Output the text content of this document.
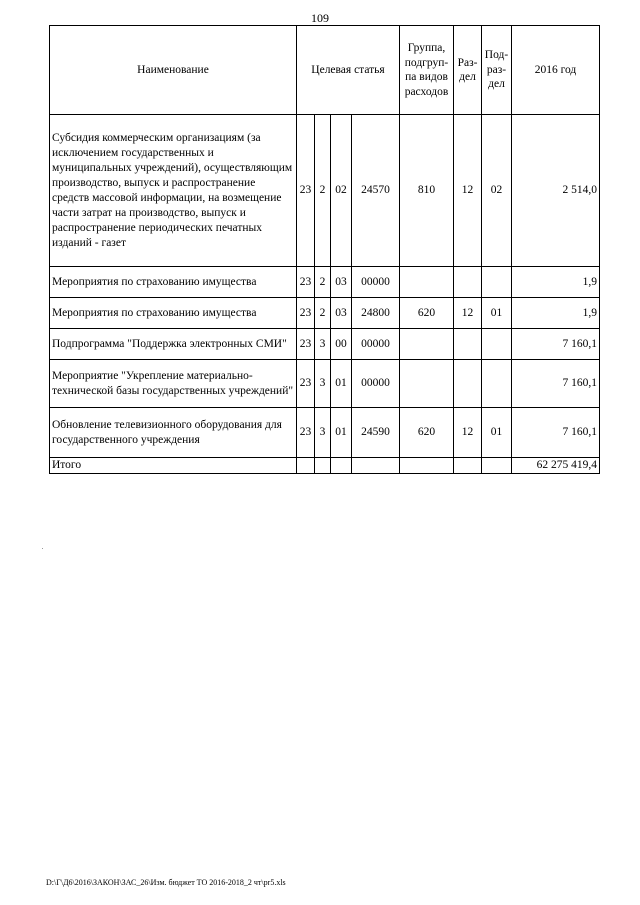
109
Наименование	Целевая статья				Группа, подгруп-па видов расходов	Раз-дел	Под-раз-дел	2016 год
Субсидия коммерческим организациям (за исключением государственных и муниципальных учреждений), осуществляющим производство, выпуск и распространение средств массовой информации, на возмещение части затрат на производство, выпуск и распространение периодических печатных изданий - газет	23	2	02	24570	810	12	02	2 514,0
Мероприятия по страхованию имущества	23	2	03	00000				1,9
Мероприятия по страхованию имущества	23	2	03	24800	620	12	01	1,9
Подпрограмма "Поддержка электронных СМИ"	23	3	00	00000				7 160,1
Мероприятие "Укрепление материально-технической базы государственных учреждений"	23	3	01	00000				7 160,1
Обновление телевизионного оборудования для государственного учреждения	23	3	01	24590	620	12	01	7 160,1
Итого								62 275 419,4
D:\Г\Д6\2016\ЗАКОН\ЗАС_26\Изм. бюджет ТО 2016-2018_2 чт\pr5.xls
